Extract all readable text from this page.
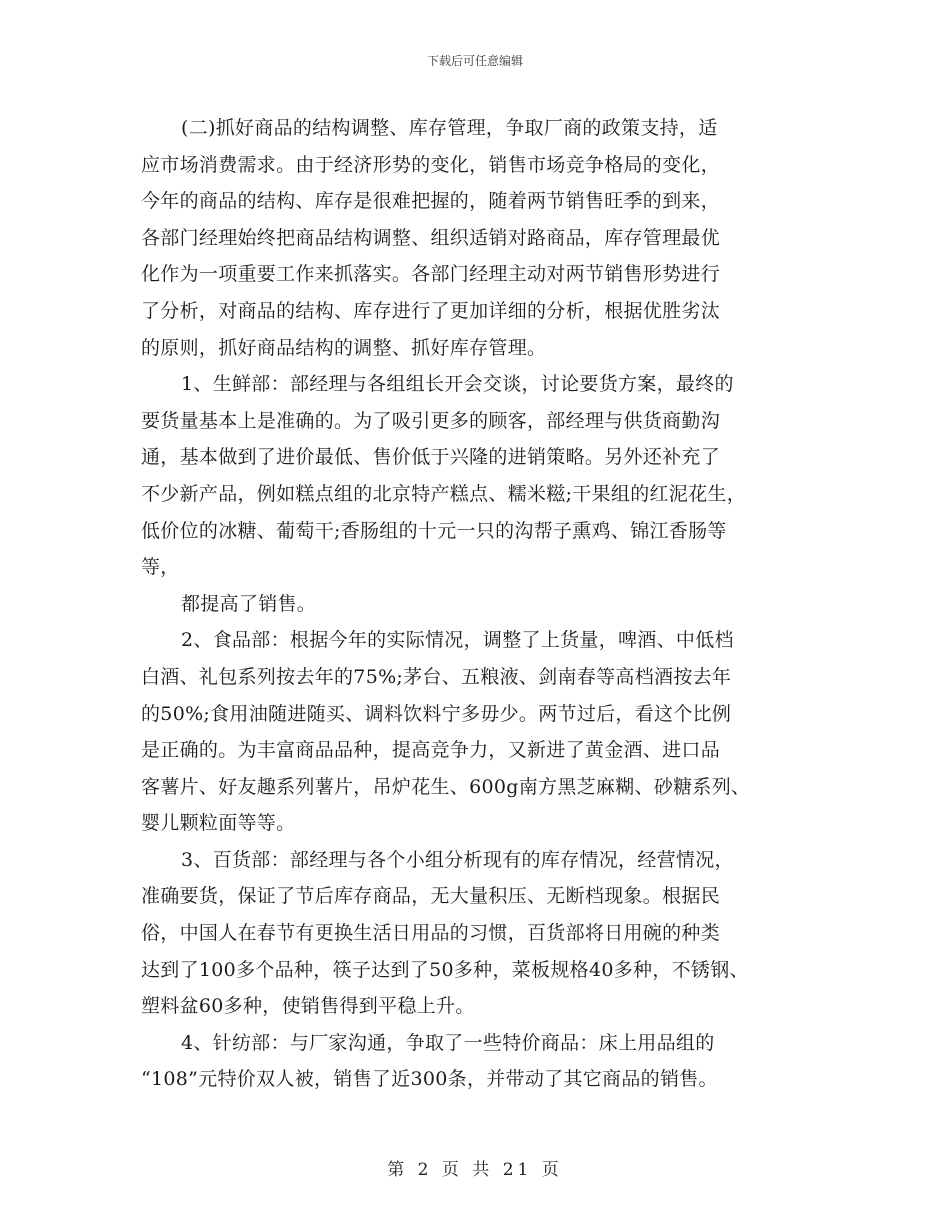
下载后可任意编辑
(二)抓好商品的结构调整、库存管理，争取厂商的政策支持，适
应市场消费需求。由于经济形势的变化，销售市场竞争格局的变化，
今年的商品的结构、库存是很难把握的，随着两节销售旺季的到来，
各部门经理始终把商品结构调整、组织适销对路商品，库存管理最优
化作为一项重要工作来抓落实。各部门经理主动对两节销售形势进行
了分析，对商品的结构、库存进行了更加详细的分析，根据优胜劣汰
的原则，抓好商品结构的调整、抓好库存管理。
1、生鲜部：部经理与各组组长开会交谈，讨论要货方案，最终的
要货量基本上是准确的。为了吸引更多的顾客，部经理与供货商勤沟
通，基本做到了进价最低、售价低于兴隆的进销策略。另外还补充了
不少新产品，例如糕点组的北京特产糕点、糯米糍;干果组的红泥花生，
低价位的冰糖、葡萄干;香肠组的十元一只的沟帮子熏鸡、锦江香肠等
等，
都提高了销售。
2、食品部：根据今年的实际情况，调整了上货量，啤酒、中低档
白酒、礼包系列按去年的75%;茅台、五粮液、剑南春等高档酒按去年
的50%;食用油随进随买、调料饮料宁多毋少。两节过后，看这个比例
是正确的。为丰富商品品种，提高竞争力，又新进了黄金酒、进口品
客薯片、好友趣系列薯片，吊炉花生、600g南方黑芝麻糊、砂糖系列、
婴儿颗粒面等等。
3、百货部：部经理与各个小组分析现有的库存情况，经营情况，
准确要货，保证了节后库存商品，无大量积压、无断档现象。根据民
俗，中国人在春节有更换生活日用品的习惯，百货部将日用碗的种类
达到了100多个品种，筷子达到了50多种，菜板规格40多种，不锈钢、
塑料盆60多种，使销售得到平稳上升。
4、针纺部：与厂家沟通，争取了一些特价商品：床上用品组的
“108”元特价双人被，销售了近300条，并带动了其它商品的销售。
第 2 页 共 21 页
